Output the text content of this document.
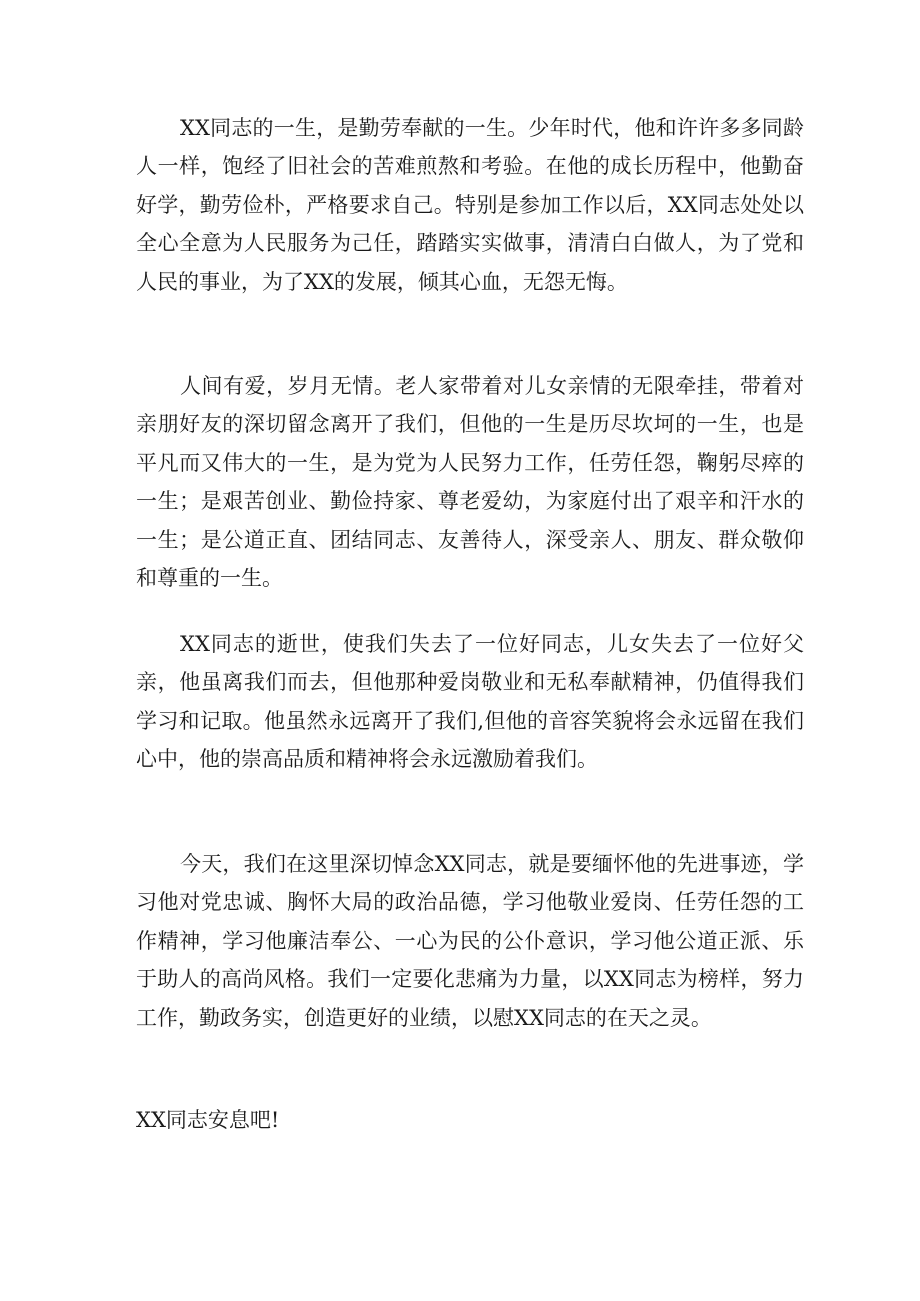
XX同志的一生，是勤劳奉献的一生。少年时代，他和许许多多同龄人一样，饱经了旧社会的苦难煎熬和考验。在他的成长历程中，他勤奋好学，勤劳俭朴，严格要求自己。特别是参加工作以后，XX同志处处以全心全意为人民服务为己任，踏踏实实做事，清清白白做人，为了党和人民的事业，为了XX的发展，倾其心血，无怨无悔。

人间有爱，岁月无情。老人家带着对儿女亲情的无限牵挂，带着对亲朋好友的深切留念离开了我们，但他的一生是历尽坎坷的一生，也是平凡而又伟大的一生，是为党为人民努力工作，任劳任怨，鞠躬尽瘁的一生；是艰苦创业、勤俭持家、尊老爱幼，为家庭付出了艰辛和汗水的一生；是公道正直、团结同志、友善待人，深受亲人、朋友、群众敬仰和尊重的一生。

XX同志的逝世，使我们失去了一位好同志，儿女失去了一位好父亲，他虽离我们而去，但他那种爱岗敬业和无私奉献精神，仍值得我们学习和记取。他虽然永远离开了我们,但他的音容笑貌将会永远留在我们心中，他的崇高品质和精神将会永远激励着我们。

今天，我们在这里深切悼念XX同志，就是要缅怀他的先进事迹，学习他对党忠诚、胸怀大局的政治品德，学习他敬业爱岗、任劳任怨的工作精神，学习他廉洁奉公、一心为民的公仆意识，学习他公道正派、乐于助人的高尚风格。我们一定要化悲痛为力量，以XX同志为榜样，努力工作，勤政务实，创造更好的业绩，以慰XX同志的在天之灵。

XX同志安息吧!
